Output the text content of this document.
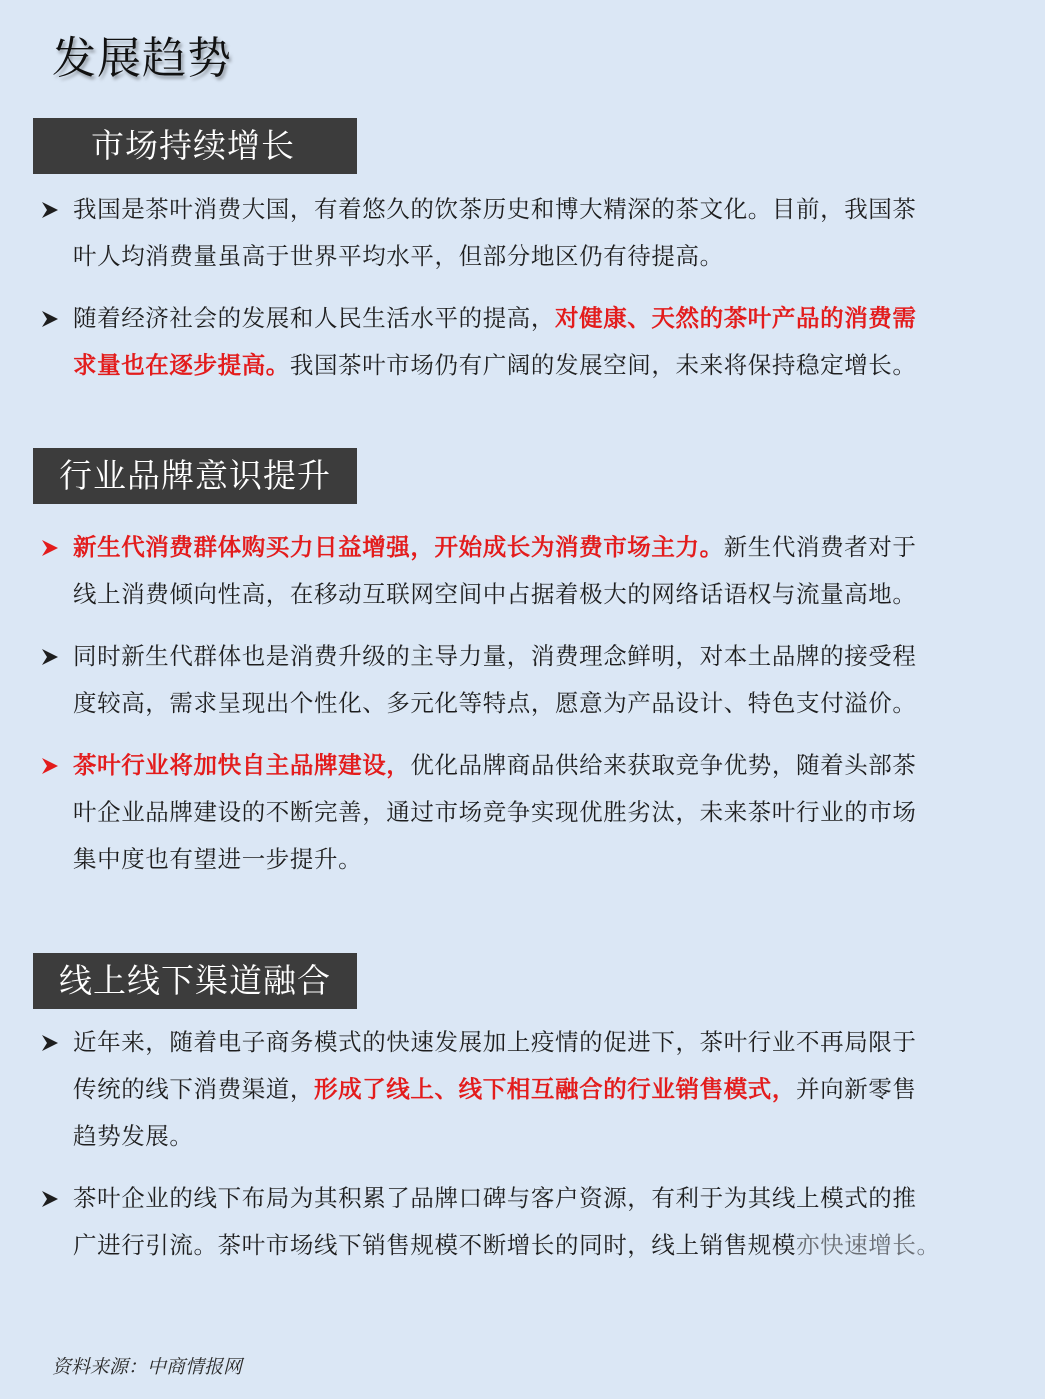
发展趋势
市场持续增长
我国是茶叶消费大国，有着悠久的饮茶历史和博大精深的茶文化。目前，我国茶
叶人均消费量虽高于世界平均水平，但部分地区仍有待提高。
随着经济社会的发展和人民生活水平的提高，对健康、天然的茶叶产品的消费需
求量也在逐步提高。我国茶叶市场仍有广阔的发展空间，未来将保持稳定增长。
行业品牌意识提升
新生代消费群体购买力日益增强，开始成长为消费市场主力。新生代消费者对于
线上消费倾向性高，在移动互联网空间中占据着极大的网络话语权与流量高地。
同时新生代群体也是消费升级的主导力量，消费理念鲜明，对本土品牌的接受程
度较高，需求呈现出个性化、多元化等特点，愿意为产品设计、特色支付溢价。
茶叶行业将加快自主品牌建设，优化品牌商品供给来获取竞争优势，随着头部茶
叶企业品牌建设的不断完善，通过市场竞争实现优胜劣汰，未来茶叶行业的市场
集中度也有望进一步提升。
线上线下渠道融合
近年来，随着电子商务模式的快速发展加上疫情的促进下，茶叶行业不再局限于
传统的线下消费渠道，形成了线上、线下相互融合的行业销售模式，并向新零售
趋势发展。
茶叶企业的线下布局为其积累了品牌口碑与客户资源，有利于为其线上模式的推
广进行引流。茶叶市场线下销售规模不断增长的同时，线上销售规模亦快速增长。
资料来源：中商情报网
